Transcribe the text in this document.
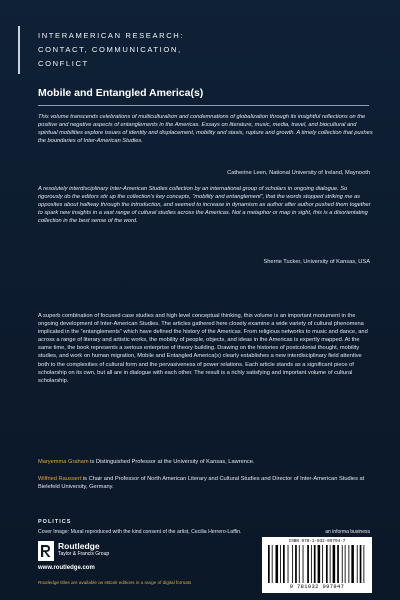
INTERAMERICAN RESEARCH:
CONTACT, COMMUNICATION,
CONFLICT
Mobile and Entangled America(s)
This volume transcends celebrations of multiculturalism and condemnations of globalization through its insightful reflections on the positive and negative aspects of entanglements in the Americas. Essays on literature, music, media, travel, and biocultural and spiritual mobilities explore issues of identity and displacement, mobility and stasis, rupture and growth. A timely collection that pushes the boundaries of Inter-American Studies.
Catherine Leen, National University of Ireland, Maynooth
A resolutely interdisciplinary Inter-American Studies collection by an international group of scholars in ongoing dialogue. So rigorously do the editors stir up the collection's key concepts, “mobility and entanglement”, that the words stopped striking me as opposites about halfway through the introduction, and seemed to increase in dynamism as author after author pushed them together to spark new insights in a vast range of cultural studies across the Americas. Not a metaphor or map in sight, this is a disorientating collection in the best sense of the word.
Sherrie Tucker, University of Kansas, USA
A superb combination of focused case studies and high level conceptual thinking, this volume is an important monument in the ongoing development of Inter-American Studies. The articles gathered here closely examine a wide variety of cultural phenomena implicated in the “entanglements” which have defined the history of the Americas. From religious networks to music and dance, and across a range of literary and artistic works, the mobility of people, objects, and ideas in the Americas is expertly mapped. At the same time, the book represents a serious enterprise of theory building. Drawing on the histories of postcolonial thought, mobility studies, and work on human migration, Mobile and Entangled America(s) clearly establishes a new interdisciplinary field attentive both to the complexities of cultural form and the pervasiveness of power relations. Each article stands as a significant piece of scholarship on its own, but all are in dialogue with each other. The result is a richly satisfying and important volume of cultural scholarship.
Maryemma Graham is Distinguished Professor at the University of Kansas, Lawrence.
Wilfried Raussert is Chair and Professor of North American Literary and Cultural Studies and Director of Inter-American Studies at Bielefeld University, Germany.
POLITICS
Cover Image: Mural reproduced with the kind consent of the artist, Cecilia Herrero-Laffin.	an informa business
Routledge
Taylor & Francis Group
www.routledge.com
Routledge titles are available as eBook editions in a range of digital formats
ISBN 978-1-032-09794-7
9 781032 097947
